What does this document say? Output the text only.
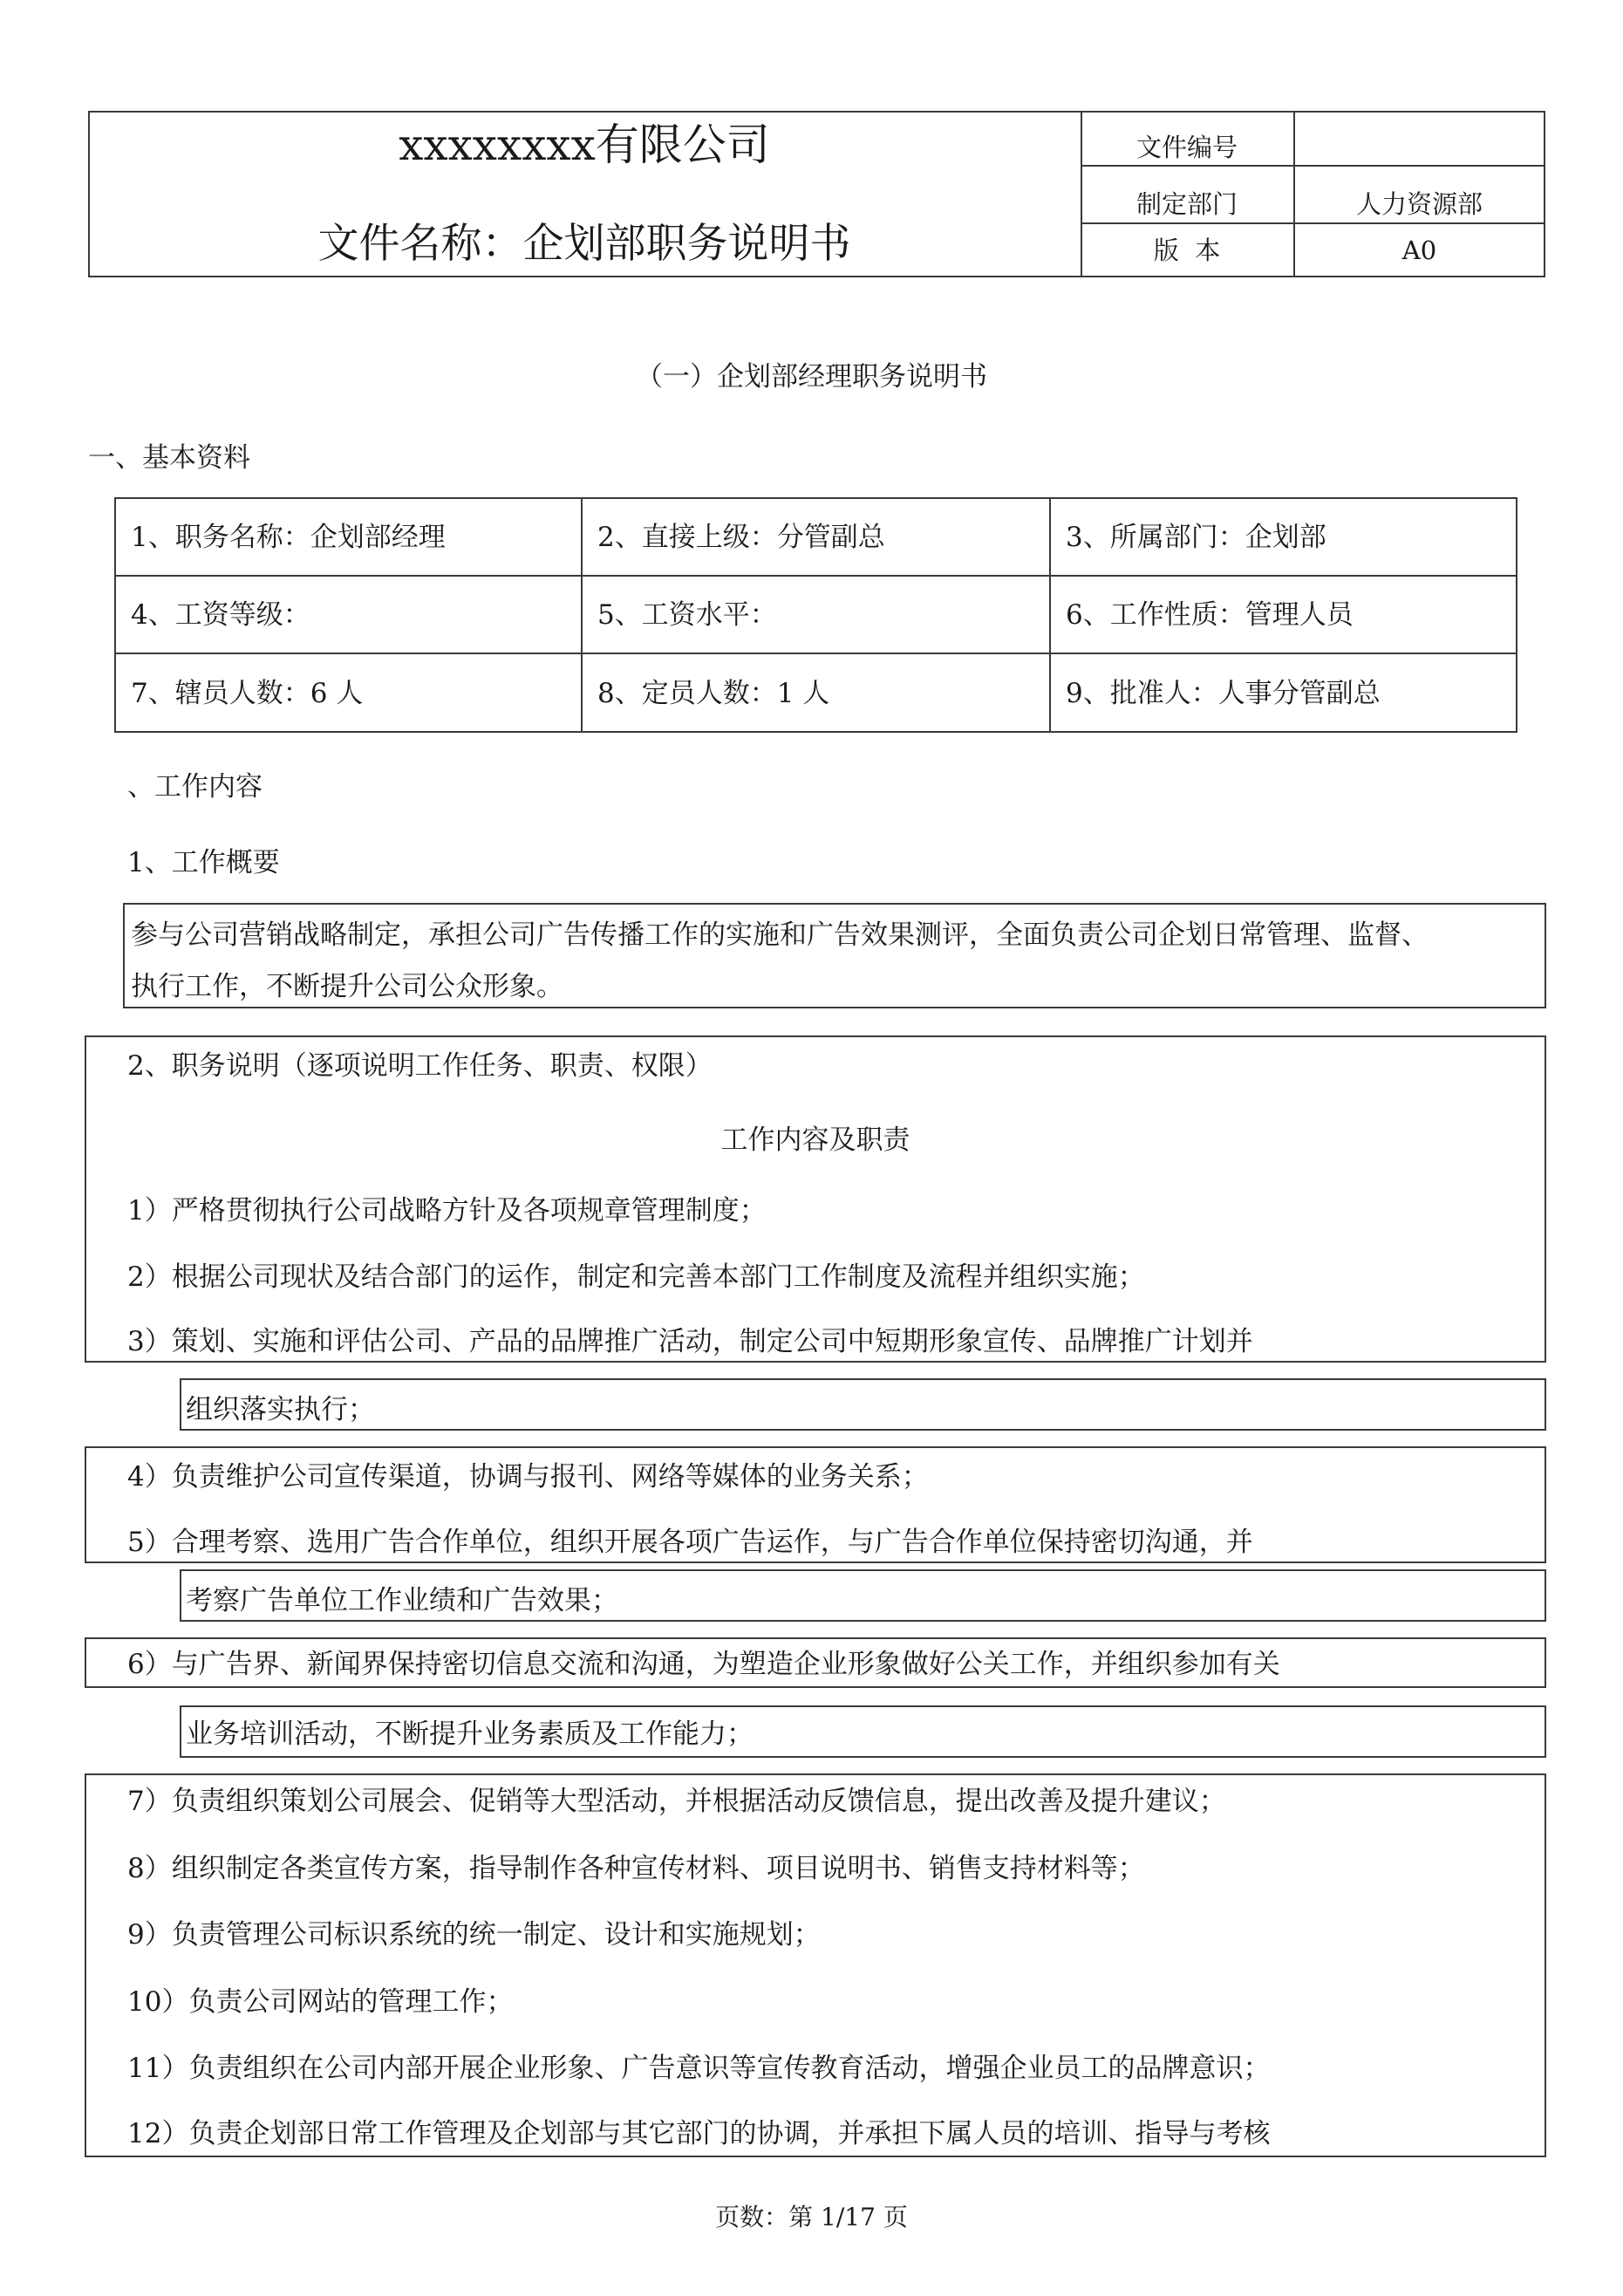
xxxxxxxx有限公司
文件名称：企划部职务说明书
文件编号
制定部门	人力资源部
版  本	A0
（一）企划部经理职务说明书
一、基本资料
1、职务名称：企划部经理	2、直接上级：分管副总	3、所属部门：企划部
4、工资等级：	5、工资水平：	6、工作性质：管理人员
7、辖员人数：6 人	8、定员人数：1 人	9、批准人：人事分管副总
、工作内容
1、工作概要
参与公司营销战略制定，承担公司广告传播工作的实施和广告效果测评，全面负责公司企划日常管理、监督、
执行工作，不断提升公司公众形象。
2、职务说明（逐项说明工作任务、职责、权限）
工作内容及职责
1）严格贯彻执行公司战略方针及各项规章管理制度；
2）根据公司现状及结合部门的运作，制定和完善本部门工作制度及流程并组织实施；
3）策划、实施和评估公司、产品的品牌推广活动，制定公司中短期形象宣传、品牌推广计划并
组织落实执行；
4）负责维护公司宣传渠道，协调与报刊、网络等媒体的业务关系；
5）合理考察、选用广告合作单位，组织开展各项广告运作，与广告合作单位保持密切沟通，并
考察广告单位工作业绩和广告效果；
6）与广告界、新闻界保持密切信息交流和沟通，为塑造企业形象做好公关工作，并组织参加有关
业务培训活动，不断提升业务素质及工作能力；
7）负责组织策划公司展会、促销等大型活动，并根据活动反馈信息，提出改善及提升建议；
8）组织制定各类宣传方案，指导制作各种宣传材料、项目说明书、销售支持材料等；
9）负责管理公司标识系统的统一制定、设计和实施规划；
10）负责公司网站的管理工作；
11）负责组织在公司内部开展企业形象、广告意识等宣传教育活动，增强企业员工的品牌意识；
12）负责企划部日常工作管理及企划部与其它部门的协调，并承担下属人员的培训、指导与考核
页数：第 1/17 页
